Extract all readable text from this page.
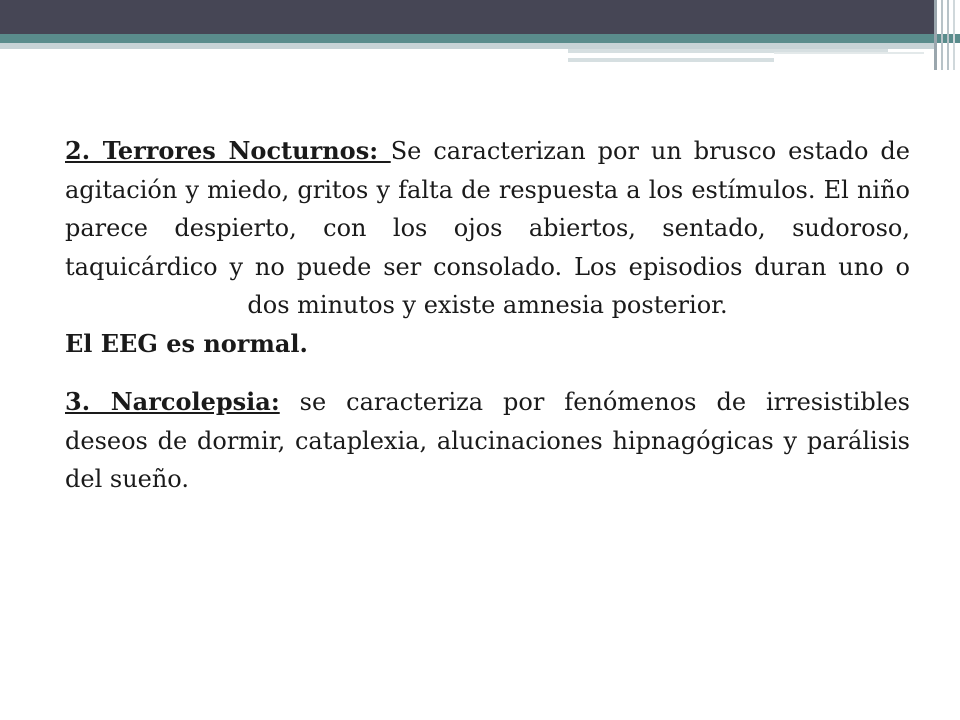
2. Terrores Nocturnos: Se caracterizan por un brusco estado de agitación y miedo, gritos y falta de respuesta a los estímulos. El niño parece despierto, con los ojos abiertos, sentado, sudoroso, taquicárdico y no puede ser consolado. Los episodios duran uno o dos minutos y existe amnesia posterior.

El EEG es normal.

3. Narcolepsia: se caracteriza por fenómenos de irresistibles deseos de dormir, cataplexia, alucinaciones hipnagógicas y parálisis del sueño.
